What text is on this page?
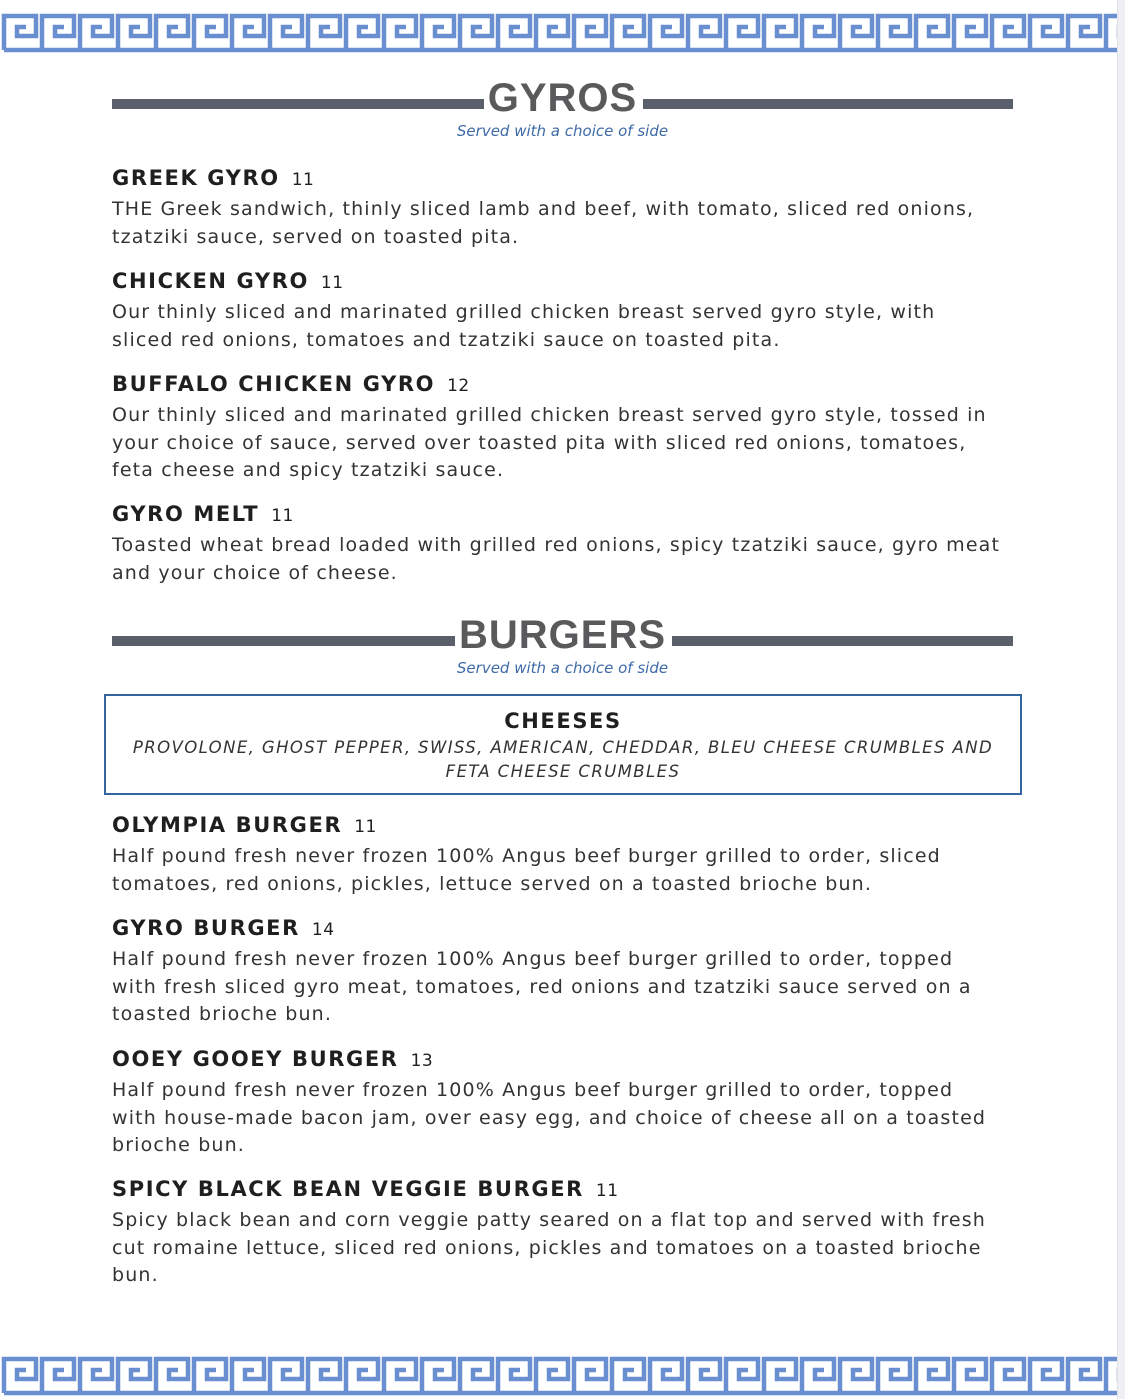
GYROS
Served with a choice of side
GREEK GYRO 11
THE Greek sandwich, thinly sliced lamb and beef, with tomato, sliced red onions, tzatziki sauce, served on toasted pita.
CHICKEN GYRO 11
Our thinly sliced and marinated grilled chicken breast served gyro style, with sliced red onions, tomatoes and tzatziki sauce on toasted pita.
BUFFALO CHICKEN GYRO 12
Our thinly sliced and marinated grilled chicken breast served gyro style, tossed in your choice of sauce, served over toasted pita with sliced red onions, tomatoes, feta cheese and spicy tzatziki sauce.
GYRO MELT 11
Toasted wheat bread loaded with grilled red onions, spicy tzatziki sauce, gyro meat and your choice of cheese.
BURGERS
Served with a choice of side
CHEESES
PROVOLONE, GHOST PEPPER, SWISS, AMERICAN, CHEDDAR, BLEU CHEESE CRUMBLES AND FETA CHEESE CRUMBLES
OLYMPIA BURGER 11
Half pound fresh never frozen 100% Angus beef burger grilled to order, sliced tomatoes, red onions, pickles, lettuce served on a toasted brioche bun.
GYRO BURGER 14
Half pound fresh never frozen 100% Angus beef burger grilled to order, topped with fresh sliced gyro meat, tomatoes, red onions and tzatziki sauce served on a toasted brioche bun.
OOEY GOOEY BURGER 13
Half pound fresh never frozen 100% Angus beef burger grilled to order, topped with house-made bacon jam, over easy egg, and choice of cheese all on a toasted brioche bun.
SPICY BLACK BEAN VEGGIE BURGER 11
Spicy black bean and corn veggie patty seared on a flat top and served with fresh cut romaine lettuce, sliced red onions, pickles and tomatoes on a toasted brioche bun.
